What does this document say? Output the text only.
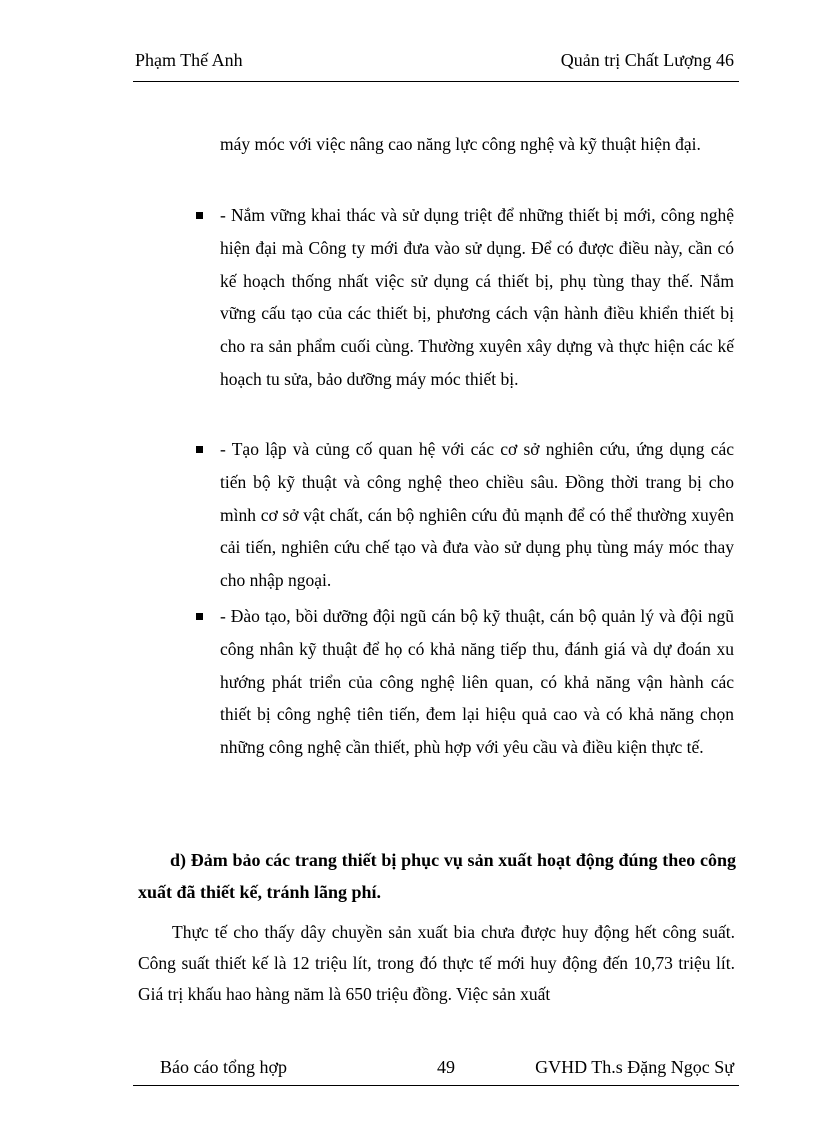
Phạm Thế Anh	Quản trị Chất Lượng 46

máy móc với việc nâng cao năng lực công nghệ và kỹ thuật hiện đại.

- Nắm vững khai thác và sử dụng triệt để những thiết bị mới, công nghệ hiện đại mà Công ty mới đưa vào sử dụng. Để có được điều này, cần có kế hoạch thống nhất việc sử dụng cá thiết bị, phụ tùng thay thế. Nắm vững cấu tạo của các thiết bị, phương cách vận hành điều khiển thiết bị cho ra sản phẩm cuối cùng. Thường xuyên xây dựng và thực hiện các kế hoạch tu sửa, bảo dưỡng máy móc thiết bị.

- Tạo lập và củng cố quan hệ với các cơ sở nghiên cứu, ứng dụng các tiến bộ kỹ thuật và công nghệ theo chiều sâu. Đồng thời trang bị cho mình cơ sở vật chất, cán bộ nghiên cứu đủ mạnh để có thể thường xuyên cải tiến, nghiên cứu chế tạo và đưa vào sử dụng phụ tùng máy móc thay cho nhập ngoại.

- Đào tạo, bồi dưỡng đội ngũ cán bộ kỹ thuật, cán bộ quản lý và đội ngũ công nhân kỹ thuật để họ có khả năng tiếp thu, đánh giá và dự đoán xu hướng phát triển của công nghệ liên quan, có khả năng vận hành các thiết bị công nghệ tiên tiến, đem lại hiệu quả cao và có khả năng chọn những công nghệ cần thiết, phù hợp với yêu cầu và điều kiện thực tế.

d) Đảm bảo các trang thiết bị phục vụ sản xuất hoạt động đúng theo công xuất đã thiết kế, tránh lãng phí.

Thực tế cho thấy dây chuyền sản xuất bia chưa được huy động hết công suất. Công suất thiết kế là 12 triệu lít, trong đó thực tế mới huy động đến 10,73 triệu lít. Giá trị khấu hao hàng năm là 650 triệu đồng. Việc sản xuất

Báo cáo tổng hợp	49	GVHD Th.s Đặng Ngọc Sự
